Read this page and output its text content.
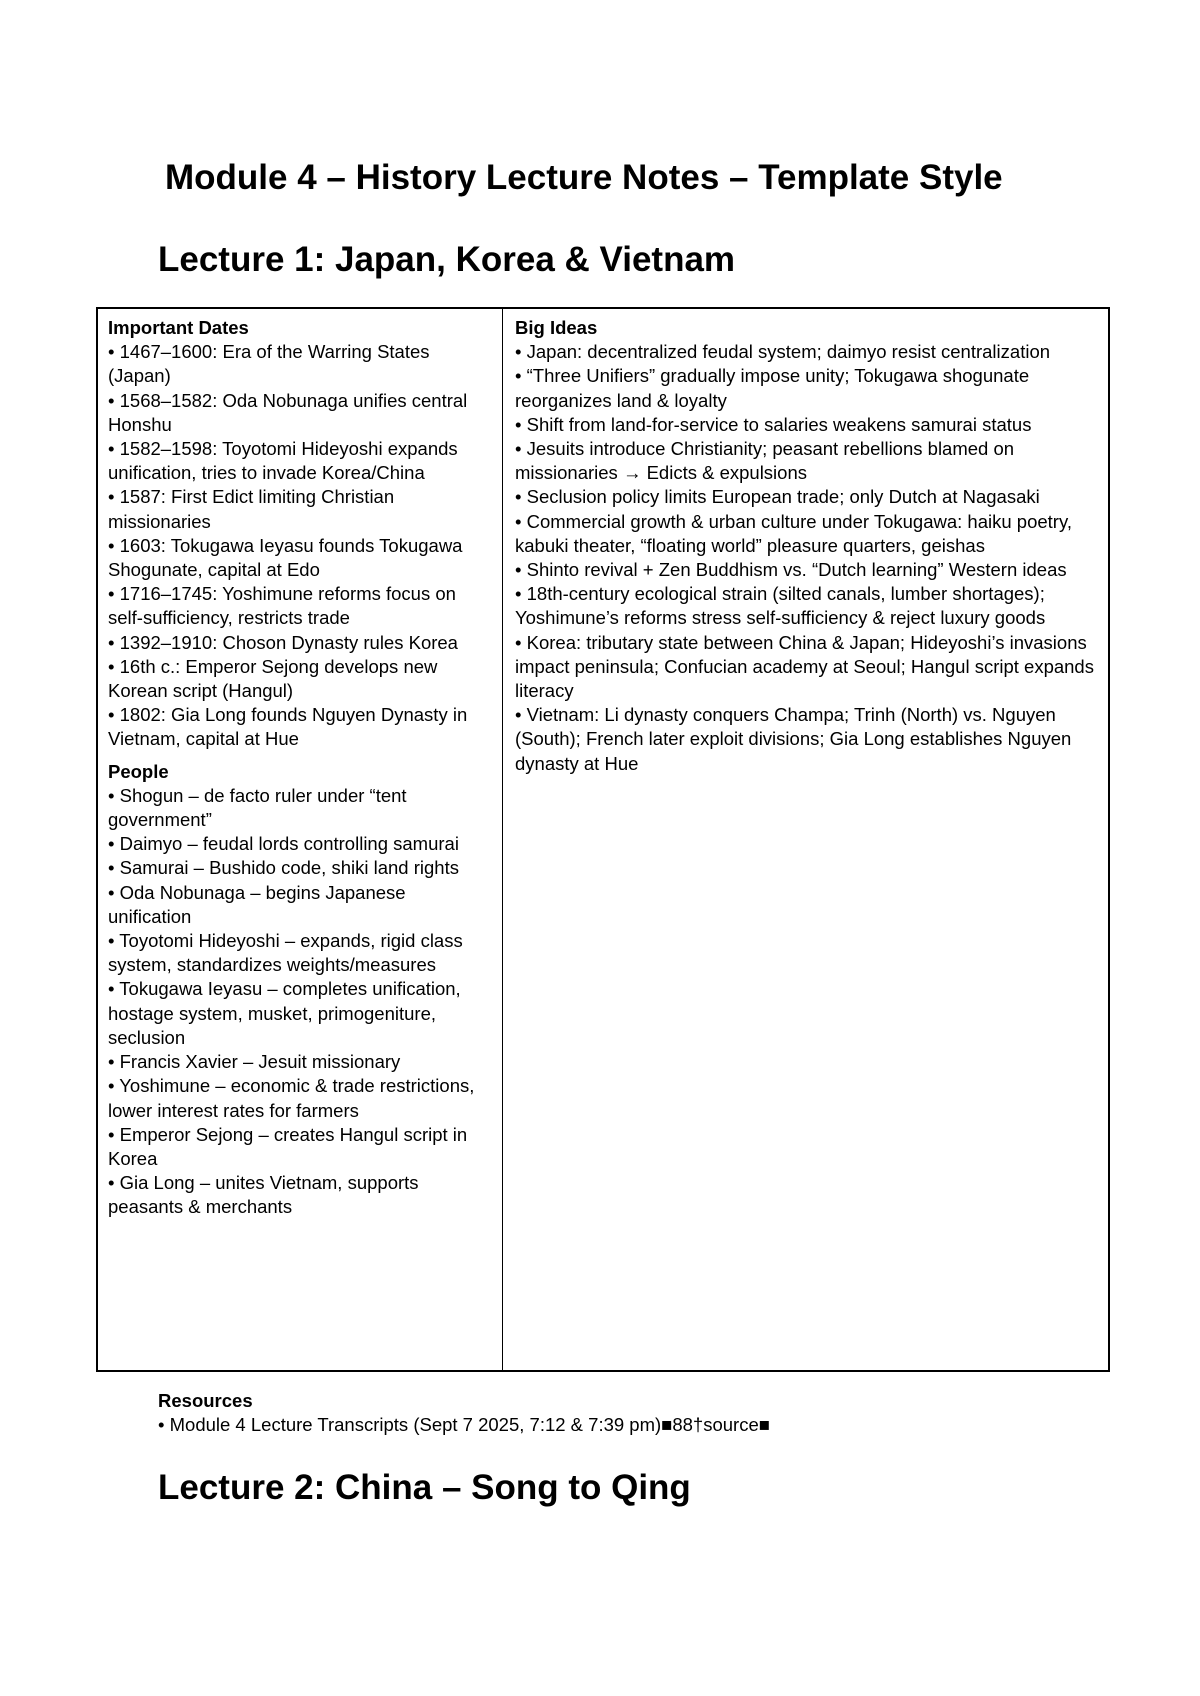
Module 4 – History Lecture Notes – Template Style
Lecture 1: Japan, Korea & Vietnam
Important Dates
• 1467–1600: Era of the Warring States (Japan)
• 1568–1582: Oda Nobunaga unifies central Honshu
• 1582–1598: Toyotomi Hideyoshi expands unification, tries to invade Korea/China
• 1587: First Edict limiting Christian missionaries
• 1603: Tokugawa Ieyasu founds Tokugawa Shogunate, capital at Edo
• 1716–1745: Yoshimune reforms focus on self-sufficiency, restricts trade
• 1392–1910: Choson Dynasty rules Korea
• 16th c.: Emperor Sejong develops new Korean script (Hangul)
• 1802: Gia Long founds Nguyen Dynasty in Vietnam, capital at Hue
People
• Shogun – de facto ruler under “tent government”
• Daimyo – feudal lords controlling samurai
• Samurai – Bushido code, shiki land rights
• Oda Nobunaga – begins Japanese unification
• Toyotomi Hideyoshi – expands, rigid class system, standardizes weights/measures
• Tokugawa Ieyasu – completes unification, hostage system, musket, primogeniture, seclusion
• Francis Xavier – Jesuit missionary
• Yoshimune – economic & trade restrictions, lower interest rates for farmers
• Emperor Sejong – creates Hangul script in Korea
• Gia Long – unites Vietnam, supports peasants & merchants
Big Ideas
• Japan: decentralized feudal system; daimyo resist centralization
• “Three Unifiers” gradually impose unity; Tokugawa shogunate reorganizes land & loyalty
• Shift from land-for-service to salaries weakens samurai status
• Jesuits introduce Christianity; peasant rebellions blamed on missionaries → Edicts & expulsions
• Seclusion policy limits European trade; only Dutch at Nagasaki
• Commercial growth & urban culture under Tokugawa: haiku poetry, kabuki theater, “floating world” pleasure quarters, geishas
• Shinto revival + Zen Buddhism vs. “Dutch learning” Western ideas
• 18th-century ecological strain (silted canals, lumber shortages); Yoshimune’s reforms stress self-sufficiency & reject luxury goods
• Korea: tributary state between China & Japan; Hideyoshi’s invasions impact peninsula; Confucian academy at Seoul; Hangul script expands literacy
• Vietnam: Li dynasty conquers Champa; Trinh (North) vs. Nguyen (South); French later exploit divisions; Gia Long establishes Nguyen dynasty at Hue
Resources
• Module 4 Lecture Transcripts (Sept 7 2025, 7:12 & 7:39 pm)■88†source■
Lecture 2: China – Song to Qing
